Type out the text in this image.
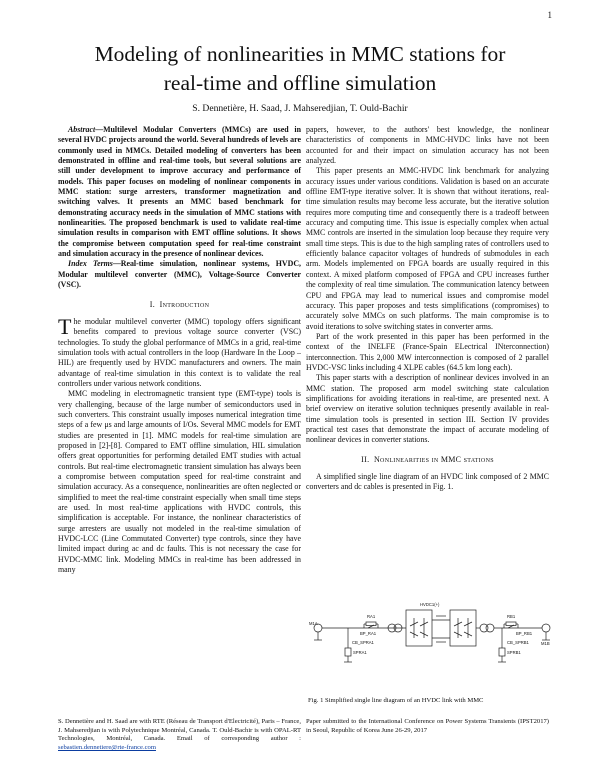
1
Modeling of nonlinearities in MMC stations for
real-time and offline simulation
S. Dennetière, H. Saad, J. Mahseredjian, T. Ould-Bachir

Abstract—Multilevel Modular Converters (MMCs) are used in several HVDC projects around the world. Several hundreds of levels are commonly used in MMCs. Detailed modeling of converters has been demonstrated in offline and real-time tools, but several solutions are still under development to improve accuracy and performance of models. This paper focuses on modeling of nonlinear components in MMC station: surge arresters, transformer magnetization and switching valves. It presents an MMC based benchmark for demonstrating accuracy needs in the simulation of MMC stations with nonlinearities. The proposed benchmark is used to validate real-time simulation results in comparison with EMT offline solutions. It shows the compromise between computation speed for real-time constraint and simulation accuracy in the presence of nonlinear devices.

Index Terms—Real-time simulation, nonlinear systems, HVDC, Modular multilevel converter (MMC), Voltage-Source Converter (VSC).

I. Introduction

The modular multilevel converter (MMC) topology offers significant benefits compared to previous voltage source converter (VSC) technologies. To study the global performance of MMCs in a grid, real-time simulation tools with actual controllers in the loop (Hardware In the Loop – HIL) are frequently used by HVDC manufacturers and owners. The main advantage of real-time simulation in this context is to validate the real controllers under various network conditions.

MMC modeling in electromagnetic transient type (EMT-type) tools is very challenging, because of the large number of semiconductors used in such converters. This constraint usually imposes numerical integration time steps of a few μs and large amounts of I/Os. Several MMC models for EMT studies are presented in [1]. MMC models for real-time simulation are proposed in [2]-[8]. Compared to EMT offline simulation, HIL simulation offers great opportunities for performing detailed EMT studies with actual controls. But real-time electromagnetic transient simulation has always been a compromise between computation speed for real-time constraint and simulation accuracy. As a consequence, nonlinearities are often neglected or simplified to meet the real-time constraint especially when small time steps are used. In most real-time applications with HVDC controls, this simplification is acceptable. For instance, the nonlinear characteristics of surge arresters are usually not modeled in the real-time simulation of HVDC-LCC (Line Commutated Converter) type controls, since they have limited impact during ac and dc faults. This is not necessary the case for HVDC-MMC link. Modeling MMCs in real-time has been addressed in many

papers, however, to the authors' best knowledge, the nonlinear characteristics of components in MMC-HVDC links have not been accounted for and their impact on simulation accuracy has not been analyzed.

This paper presents an MMC-HVDC link benchmark for analyzing accuracy issues under various conditions. Validation is based on an accurate offline EMT-type iterative solver. It is shown that without iterations, real-time simulation results may become less accurate, but the iterative solution requires more computing time and consequently there is a tradeoff between accuracy and computing time. This issue is especially complex when actual MMC controls are inserted in the simulation loop because they require very small time steps. This is due to the high sampling rates of controllers used to efficiently balance capacitor voltages of hundreds of submodules in each arm. Models implemented on FPGA boards are usually required in this context. A mixed platform composed of FPGA and CPU increases further the complexity of real time simulation. The communication latency between CPU and FPGA may lead to numerical issues and compromise model accuracy. This paper proposes and tests simplifications (compromises) to accurately solve MMCs on such platforms. The main compromise is to avoid iterations to solve switching states in converter arms.

Part of the work presented in this paper has been performed in the context of the INELFE (France-Spain ELectrical INterconnection) interconnection. This 2,000 MW interconnection is composed of 2 parallel HVDC-VSC links including 4 XLPE cables (64.5 km long each).

This paper starts with a description of nonlinear devices involved in an MMC station. The proposed arm model switching state calculation simplifications for avoiding iterations in real-time, are presented next. A brief overview on iterative solution techniques presently available in real-time simulation tools is presented in section III. Section IV provides practical test cases that demonstrate the impact of accurate modeling of nonlinear devices in converter stations.

II. Nonlinearities in MMC stations

A simplified single line diagram of an HVDC link composed of 2 MMC converters and dc cables is presented in Fig. 1.

M1A
RA1
BP_RA1
CB_SPRA1
SPRA1
HVDC1(+)
RB1
BP_RB1
CB_SPRB1
SPRB1
M1B
Fig. 1 Simplified single line diagram of an HVDC link with MMC
S. Dennetière and H. Saad are with RTE (Réseau de Transport d'Electricité), Paris – France, J. Mahseredjian is with Polytechnique Montréal, Canada. T. Ould-Bachir is with OPAL-RT Technologies, Montréal, Canada. Email of corresponding author : sebastien.dennetiere@rte-france.com
Paper submitted to the International Conference on Power Systems Transients (IPST2017) in Seoul, Republic of Korea June 26-29, 2017
